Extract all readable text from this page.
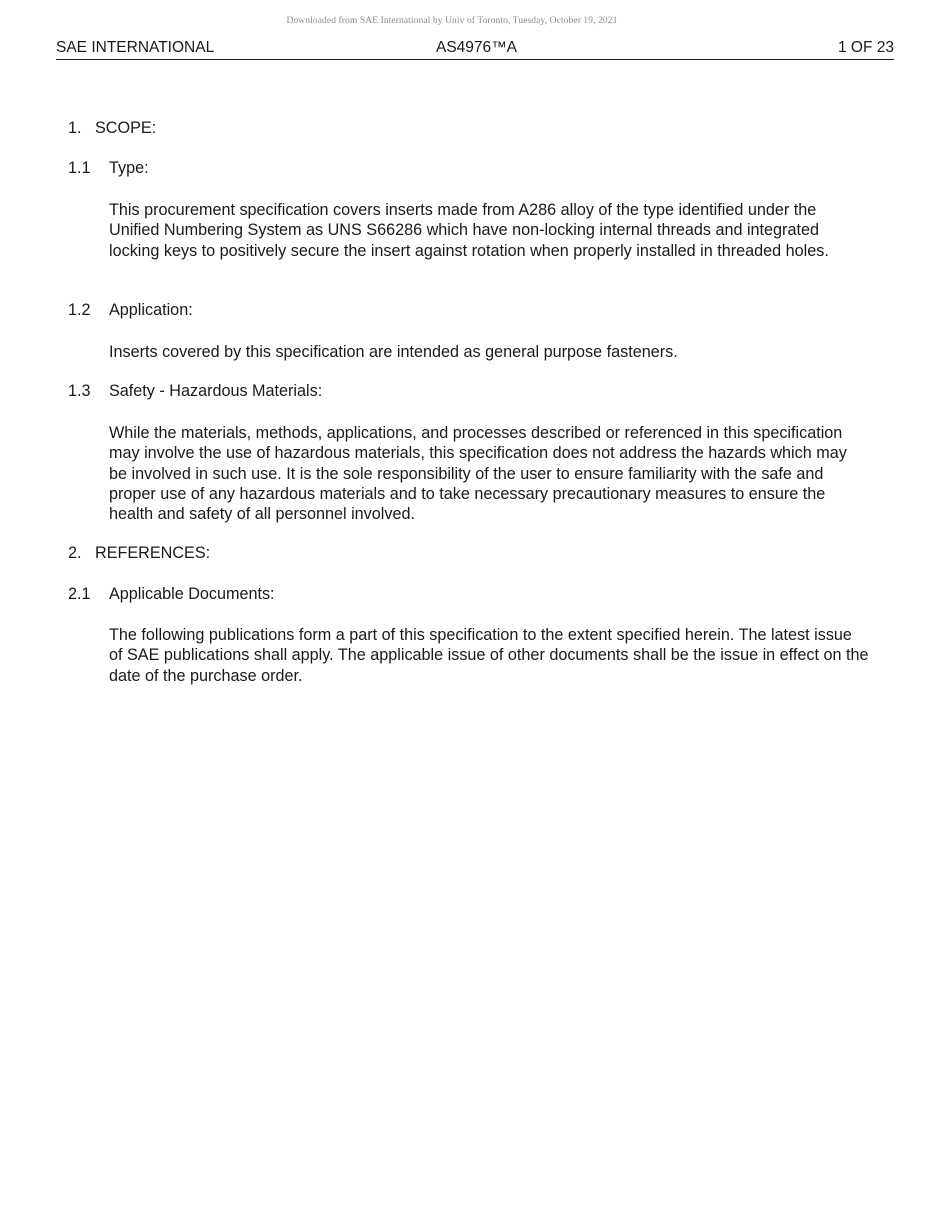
Downloaded from SAE International by Univ of Toronto, Tuesday, October 19, 2021
SAE INTERNATIONAL	AS4976™A	1 OF 23
1. SCOPE:
1.1 Type:
This procurement specification covers inserts made from A286 alloy of the type identified under the Unified Numbering System as UNS S66286 which have non-locking internal threads and integrated locking keys to positively secure the insert against rotation when properly installed in threaded holes.
1.2 Application:
Inserts covered by this specification are intended as general purpose fasteners.
1.3 Safety - Hazardous Materials:
While the materials, methods, applications, and processes described or referenced in this specification may involve the use of hazardous materials, this specification does not address the hazards which may be involved in such use. It is the sole responsibility of the user to ensure familiarity with the safe and proper use of any hazardous materials and to take necessary precautionary measures to ensure the health and safety of all personnel involved.
2. REFERENCES:
2.1 Applicable Documents:
The following publications form a part of this specification to the extent specified herein. The latest issue of SAE publications shall apply. The applicable issue of other documents shall be the issue in effect on the date of the purchase order.
